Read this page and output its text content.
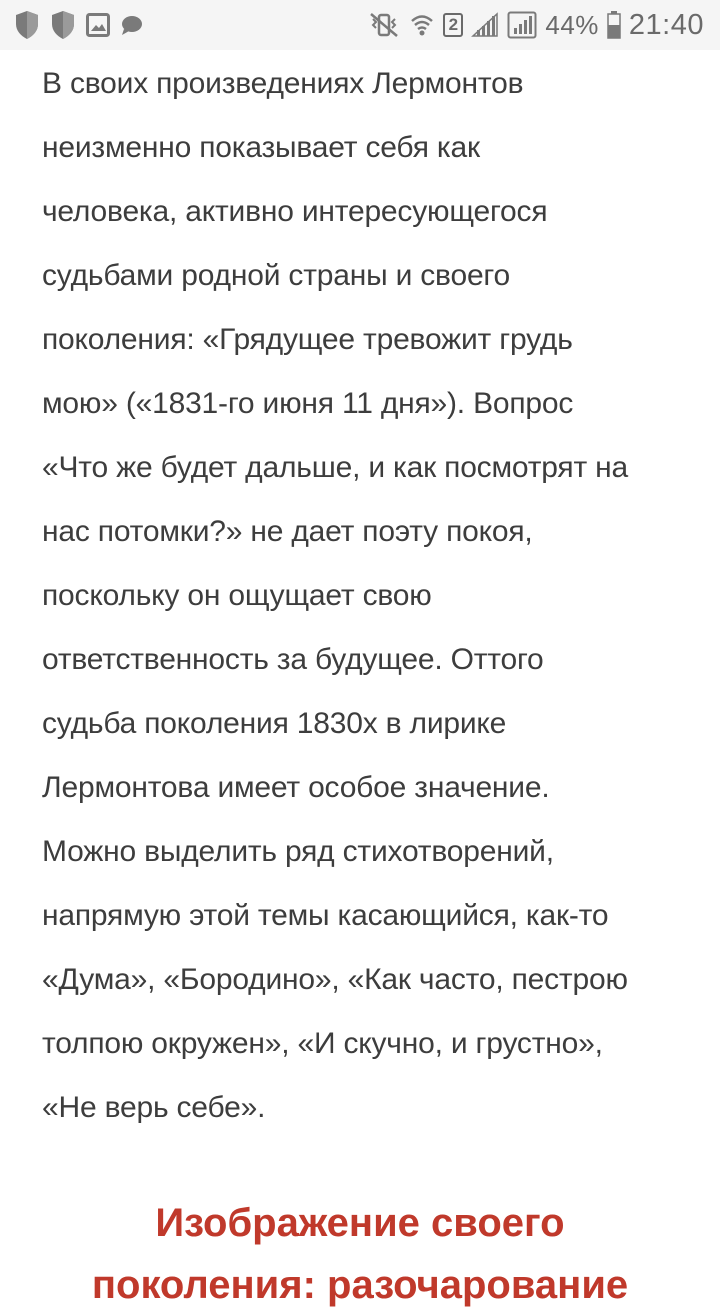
2	44% 21:40

В своих произведениях Лермонтов
неизменно показывает себя как
человека, активно интересующегося
судьбами родной страны и своего
поколения: «Грядущее тревожит грудь
мою» («1831-го июня 11 дня»). Вопрос
«Что же будет дальше, и как посмотрят на
нас потомки?» не дает поэту покоя,
поскольку он ощущает свою
ответственность за будущее. Оттого
судьба поколения 1830х в лирике
Лермонтова имеет особое значение.
Можно выделить ряд стихотворений,
напрямую этой темы касающийся, как-то
«Дума», «Бородино», «Как часто, пестрою
толпою окружен», «И скучно, и грустно»,
«Не верь себе».

Изображение своего
поколения: разочарование
